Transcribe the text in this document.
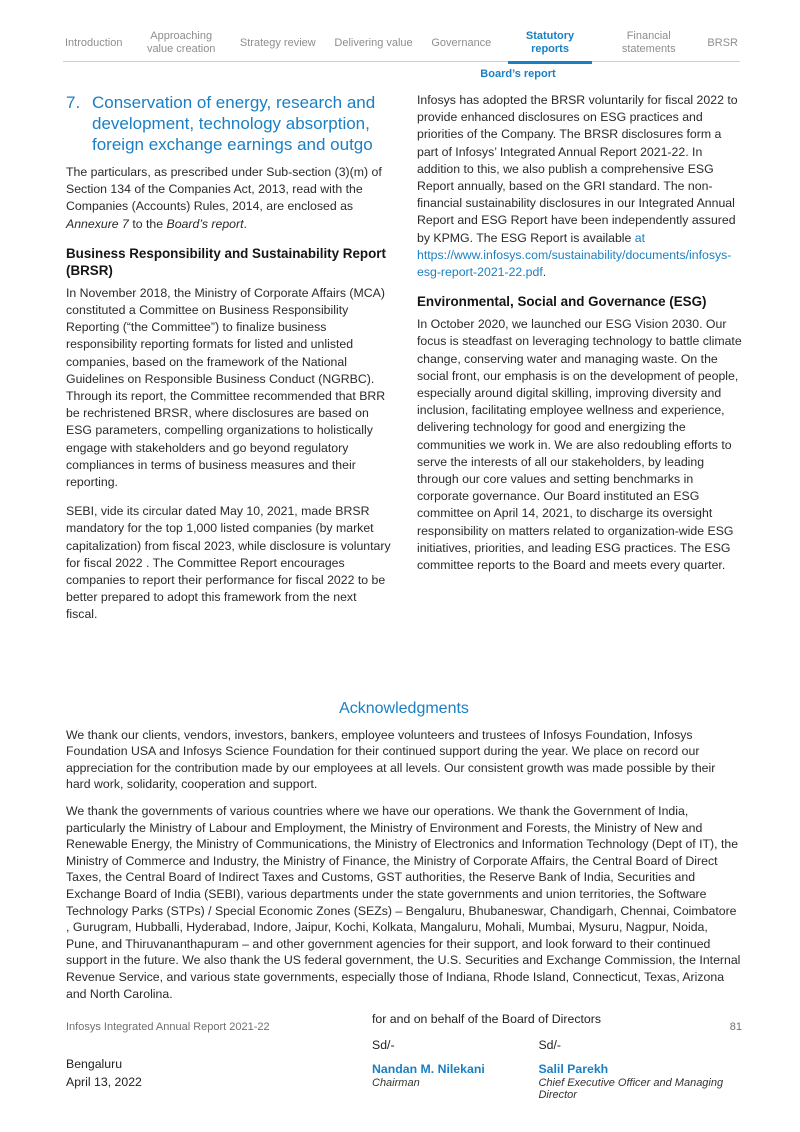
Introduction
Approaching value creation
Strategy review Delivering value Governance
Statutory reports
Financial statements
BRSR
Board’s report
7. Conservation of energy, research and development, technology absorption, foreign exchange earnings and outgo

The particulars, as prescribed under Sub-section (3)(m) of Section 134 of the Companies Act, 2013, read with the Companies (Accounts) Rules, 2014, are enclosed as Annexure 7 to the Board’s report.

Business Responsibility and Sustainability Report (BRSR)

In November 2018, the Ministry of Corporate Affairs (MCA) constituted a Committee on Business Responsibility Reporting (“the Committee”) to finalize business responsibility reporting formats for listed and unlisted companies, based on the framework of the National Guidelines on Responsible Business Conduct (NGRBC). Through its report, the Committee recommended that BRR be rechristened BRSR, where disclosures are based on ESG parameters, compelling organizations to holistically engage with stakeholders and go beyond regulatory compliances in terms of business measures and their reporting.

SEBI, vide its circular dated May 10, 2021, made BRSR mandatory for the top 1,000 listed companies (by market capitalization) from fiscal 2023, while disclosure is voluntary for fiscal 2022 . The Committee Report encourages companies to report their performance for fiscal 2022 to be better prepared to adopt this framework from the next fiscal.

Infosys has adopted the BRSR voluntarily for fiscal 2022 to provide enhanced disclosures on ESG practices and priorities of the Company. The BRSR disclosures form a part of Infosys’ Integrated Annual Report 2021-22. In addition to this, we also publish a comprehensive ESG Report annually, based on the GRI standard. The non-financial sustainability disclosures in our Integrated Annual Report and ESG Report have been independently assured by KPMG. The ESG Report is available at https://www.infosys.com/sustainability/documents/infosys-esg-report-2021-22.pdf.

Environmental, Social and Governance (ESG)

In October 2020, we launched our ESG Vision 2030. Our focus is steadfast on leveraging technology to battle climate change, conserving water and managing waste. On the social front, our emphasis is on the development of people, especially around digital skilling, improving diversity and inclusion, facilitating employee wellness and experience, delivering technology for good and energizing the communities we work in. We are also redoubling efforts to serve the interests of all our stakeholders, by leading through our core values and setting benchmarks in corporate governance. Our Board instituted an ESG committee on April 14, 2021, to discharge its oversight responsibility on matters related to organization-wide ESG initiatives, priorities, and leading ESG practices. The ESG committee reports to the Board and meets every quarter.

Acknowledgments

We thank our clients, vendors, investors, bankers, employee volunteers and trustees of Infosys Foundation, Infosys Foundation USA and Infosys Science Foundation for their continued support during the year. We place on record our appreciation for the contribution made by our employees at all levels. Our consistent growth was made possible by their hard work, solidarity, cooperation and support.

We thank the governments of various countries where we have our operations. We thank the Government of India, particularly the Ministry of Labour and Employment, the Ministry of Environment and Forests, the Ministry of New and Renewable Energy, the Ministry of Communications, the Ministry of Electronics and Information Technology (Dept of IT), the Ministry of Commerce and Industry, the Ministry of Finance, the Ministry of Corporate Affairs, the Central Board of Direct Taxes, the Central Board of Indirect Taxes and Customs, GST authorities, the Reserve Bank of India, Securities and Exchange Board of India (SEBI), various departments under the state governments and union territories, the Software Technology Parks (STPs) / Special Economic Zones (SEZs) – Bengaluru, Bhubaneswar, Chandigarh, Chennai, Coimbatore , Gurugram, Hubballi, Hyderabad, Indore, Jaipur, Kochi, Kolkata, Mangaluru, Mohali, Mumbai, Mysuru, Nagpur, Noida, Pune, and Thiruvananthapuram – and other government agencies for their support, and look forward to their continued support in the future. We also thank the US federal government, the U.S. Securities and Exchange Commission, the Internal Revenue Service, and various state governments, especially those of Indiana, Rhode Island, Connecticut, Texas, Arizona and North Carolina.

for and on behalf of the Board of Directors
Sd/-
Nandan M. Nilekani
Chairman
Sd/-
Salil Parekh
Chief Executive Officer and Managing Director
Bengaluru
April 13, 2022
Infosys Integrated Annual Report 2021-22	81
